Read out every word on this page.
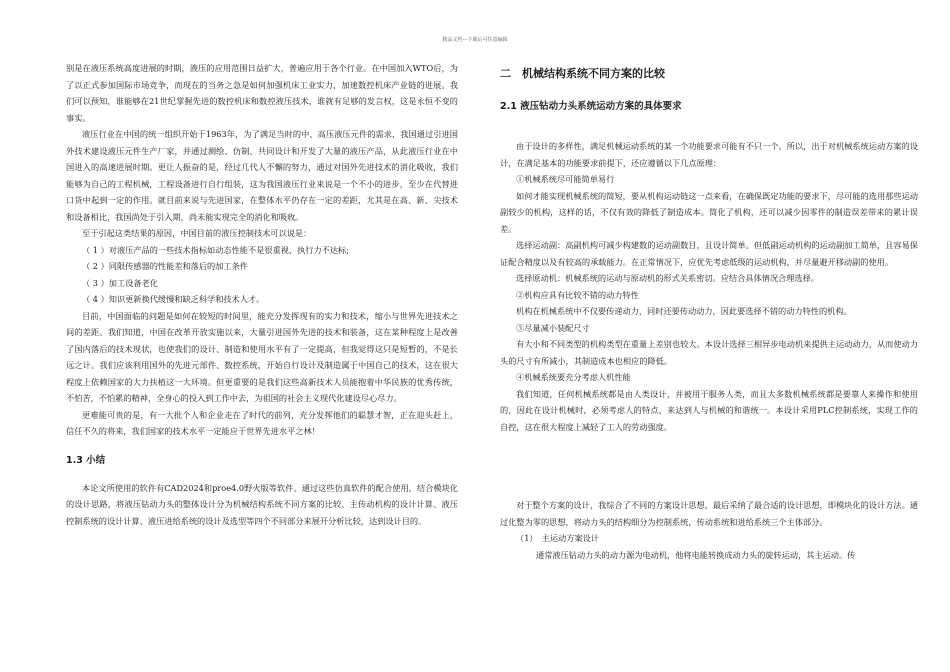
精品文档---下载后可任意编辑

别是在液压系统高度进展的时期，液压的应用范围日益扩大，普遍应用于各个行业。在中国加入WTO后，为了以正式参加国际市场竞争，而现在的当务之急是如何加强机床工业实力，加速数控机床产业链的进展。我们可以预知，谁能够在21世纪掌握先进的数控机床和数控液压技术，谁就有足够的发言权，这是永恒不变的事实。

液压行业在中国的统一组织开始于1963年，为了满足当时的中、高压液压元件的需求，我国通过引进国外技术建设液压元件生产厂家，并通过测绘、仿制、共同设计和开发了大量的液压产品，从此液压行业在中国进入的高速进展时期。更让人振奋的是，经过几代人不懈的努力，通过对国外先进技术的消化吸收，我们能够为自己的工程机械，工程设备进行自行组装，这为我国液压行业来说是一个不小的进步，至少在代替进口货中起到一定的作用。就目前来说与先进国家，在整体水平仍存在一定的差距，尤其是在高、新、尖技术和设备相比，我国尚处于引入期，尚未能实现完全的消化和吸收。

至于引起这类结果的原因，中国目前的液压控制技术可以说是：

（ 1 ）对液压产品的一些技术指标如动态性能不是很重视，执行力不达标;

（ 2 ）同限传感器的性能差和落后的加工条件

（ 3 ）加工设备老化

（ 4 ）知识更新换代缓慢和缺乏科学和技术人才。

目前，中国面临的问题是如何在较短的时间里，能充分发挥现有的实力和技术，缩小与世界先进技术之间的差距。我们知道，中国在改革开放实施以来，大量引进国外先进的技术和装备，这在某种程度上是改善了国内落后的技术现状，也使我们的设计、制造和使用水平有了一定提高，但我觉得这只是短暂的，不是长远之计。我们应该利用国外的先进元部件、数控系统，开始自行设计及制造属于中国自己的技术，这在很大程度上依赖国家的大力扶植这一大环境。但更重要的是我们这些高新技术人员能抱着中华民族的优秀传统，不怕苦，不怕累的精神，全身心的投入到工作中去，为祖国的社会主义现代化建设尽心尽力。

更难能可贵的是，有一大批个人和企业走在了时代的前列，充分发挥他们的聪慧才智，正在迎头赶上，信任不久的将来，我们国家的技术水平一定能应于世界先进水平之林！

1.3 小结

本论文所使用的软件有CAD2024和proe4.0野火版等软件。通过这些仿真软件的配合使用，结合模块化的设计思路，将液压钻动力头的整体设计分为机械结构系统不同方案的比较、主传动机构的设计计算、液压控制系统的设计计算、液压进给系统的设计及选型等四个不同部分来展开分析比较，达到设计目的。

二　机械结构系统不同方案的比较
2.1 液压钻动力头系统运动方案的具体要求

由于设计的多样性，满足机械运动系统的某一个功能要求可能有不只一个。所以，出于对机械系统运动方案的设计，在满足基本的功能要求前提下，还应遵循以下几点原理：

①机械系统尽可能简单易行

如何才能实现机械系统的简短，要从机构运动链这一点来看，在确保既定功能的要求下，尽可能的选用那些运动副较少的机构，这样的话，不仅有效的降低了制造成本。简化了机构，还可以减少因零件的制造误差带来的累计误差。

选择运动副：高副机构可减少构建数的运动副数目，且设计简单。但低副运动机构的运动副加工简单，且容易保证配合精度以及有较高的承载能力。在正常情况下，应优先考虑低级的运动机构，并尽量避开移动副的使用。

选择原动机：机械系统的运动与原动机的形式关系密切。应结合具体情况合理选择。

②机构应具有比较不错的动力特性

机构在机械系统中不仅要传递动力，同时还要传动动力，因此要选择不错的动力特性的机构。

③尽量减小装配尺寸

有大小和不同类型的机构类型在重量上差别也较大。本设计选择三相异步电动机来提供主运动动力，从而使动力头的尺寸有所减小，其制造成本也相应的降低。

④机械系统要充分考虑人机性能

我们知道，任何机械系统都是由人类设计，并被用于服务人类，而且大多数机械系统都是要靠人来操作和使用的，因此在设计机械时，必须考虑人的特点，来达到人与机械的和谐统一。本设计采用PLC控制系统，实现工作的自控，这在很大程度上减轻了工人的劳动强度。

对于整个方案的设计，我综合了不同的方案设计思想，最后采纳了最合适的设计思想，即模块化的设计方法。通过化整为零的思想，将动力头的结构细分为控制系统，传动系统和进给系统三个主体部分。

（1）　主运动方案设计

通常液压钻动力头的动力源为电动机，他将电能转换成动力头的旋转运动，其主运动。传
